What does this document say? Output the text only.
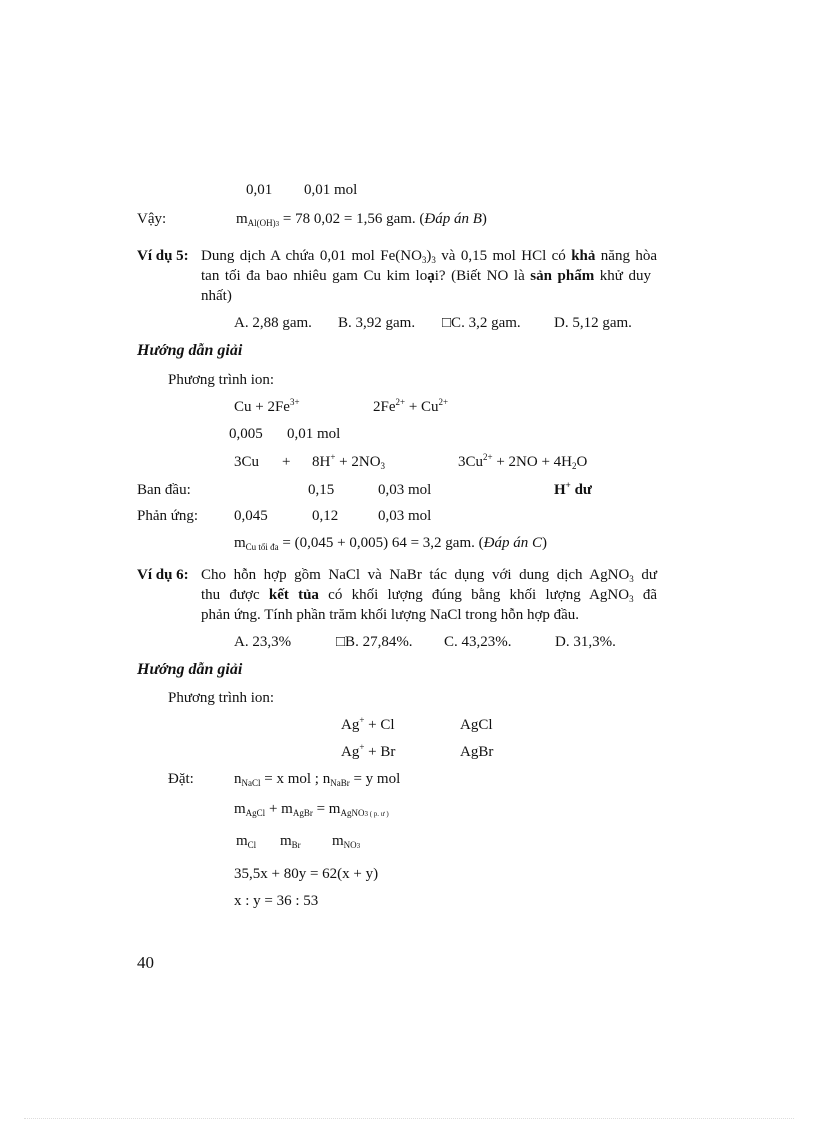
0,01 0,01 mol
Vậy:	$m_{Al(OH)3} = 78$ 0,02 = 1,56 gam. (Đáp án B)
Ví dụ 5: Dung dịch A chứa 0,01 mol $Fe(NO_3)_3$ và 0,15 mol HCl có khả năng hòa
tan tối đa bao nhiêu gam Cu kim loại? (Biết NO là sản phẩm khử duy
nhất)
A. 2,88 gam. B. 3,92 gam. □C. 3,2 gam. D. 5,12 gam.
Hướng dẫn giải
Phương trình ion:
$Cu + 2Fe^{3+}$	$2Fe^{2+} + Cu^{2+}$
0,005 0,01 mol
$3Cu + 8H^+ + 2NO_3$	$3Cu^{2+} + 2NO + 4H_2O$
Ban đầu:	0,15	0,03 mol	H+ dư
Phản ứng: 0,045	0,12	0,03 mol
$m_{Cu tối đa} = (0,045 + 0,005) 64 = 3,2$ gam. (Đáp án C)
Ví dụ 6: Cho hỗn hợp gồm NaCl và NaBr tác dụng với dung dịch AgNO$_3$ dư
thu được kết tủa có khối lượng đúng bằng khối lượng AgNO$_3$ đã
phản ứng. Tính phần trăm khối lượng NaCl trong hỗn hợp đầu.
A. 23,3%	□B. 27,84%. C. 43,23%.	D. 31,3%.
Hướng dẫn giải
Phương trình ion:
Ag+ + Cl	AgCl
Ag+ + Br	AgBr
Đặt:	$n_{NaCl} = x$ mol ; $n_{NaBr} = y$ mol
$m_{AgCl} + m_{AgBr} = m_{AgNO3 ( p. ư )}$
$m_{Cl}$ $m_{Br}$ $m_{NO3}$
35,5x + 80y = 62(x + y)
x : y = 36 : 53
40
